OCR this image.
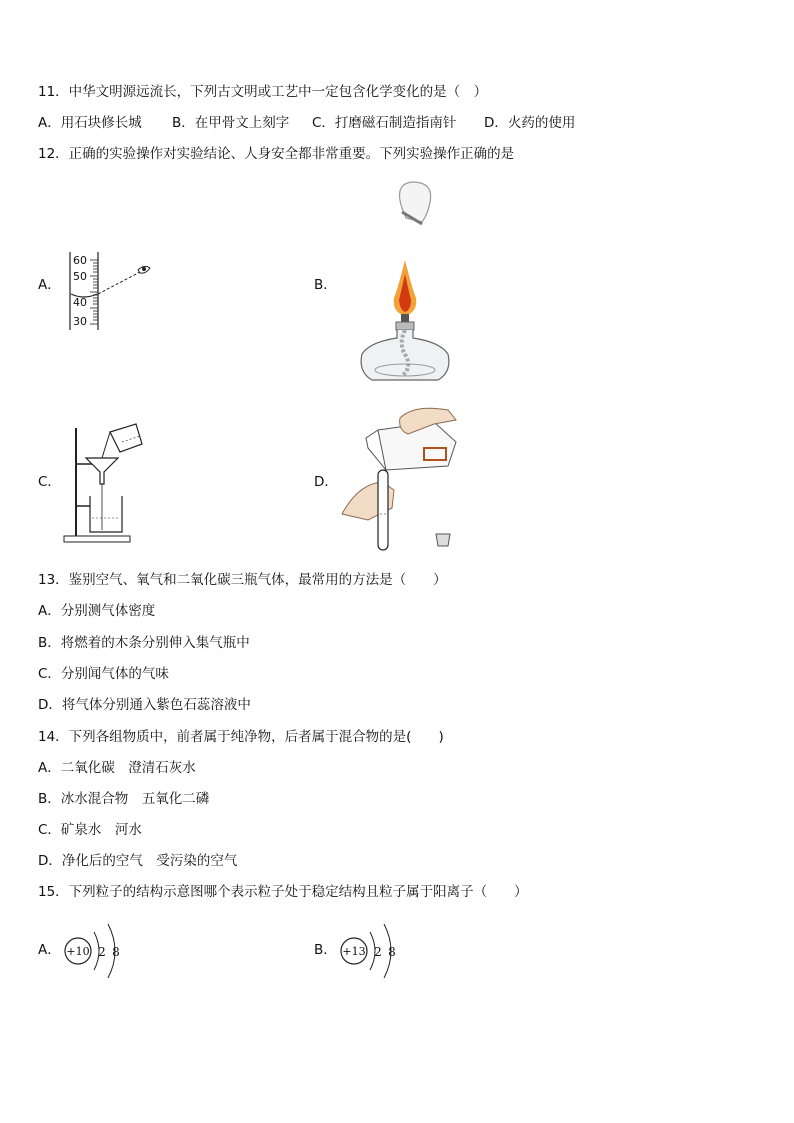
11．中华文明源远流长，下列古文明或工艺中一定包含化学变化的是（　）
A．用石块修长城 B．在甲骨文上刻字 C．打磨磁石制造指南针 D．火药的使用
12．正确的实验操作对实验结论、人身安全都非常重要。下列实验操作正确的是
A．
60
50
40
30
B．
C．	D．
13．鉴别空气、氧气和二氧化碳三瓶气体，最常用的方法是（　　）
A．分别测气体密度
B．将燃着的木条分别伸入集气瓶中
C．分别闻气体的气味
D．将气体分别通入紫色石蕊溶液中
14．下列各组物质中，前者属于纯净物，后者属于混合物的是(　　)
A．二氧化碳　澄清石灰水
B．冰水混合物　五氧化二磷
C．矿泉水　河水
D．净化后的空气　受污染的空气
15．下列粒子的结构示意图哪个表示粒子处于稳定结构且粒子属于阳离子（　　）
A． +10 2 8	B． +13 2 8
